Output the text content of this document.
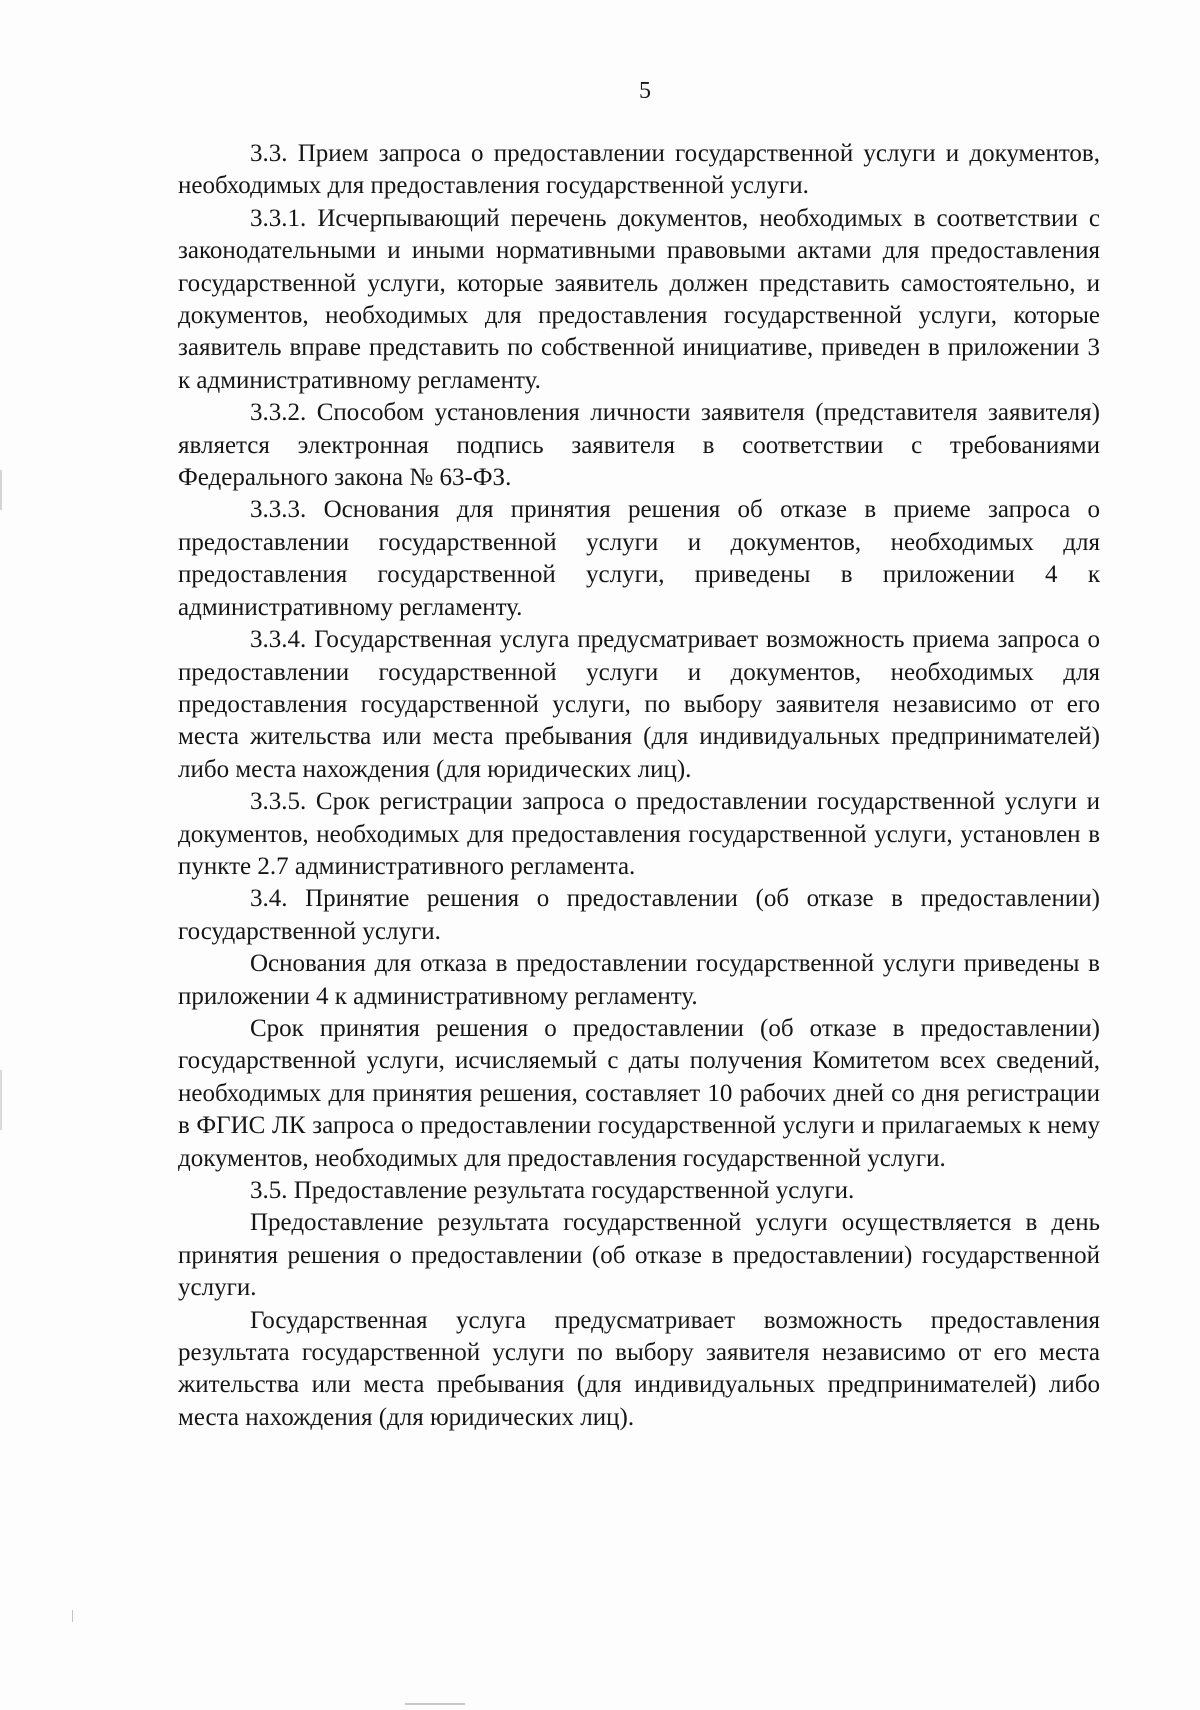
5

3.3. Прием запроса о предоставлении государственной услуги и документов, необходимых для предоставления государственной услуги.

3.3.1. Исчерпывающий перечень документов, необходимых в соответствии с законодательными и иными нормативными правовыми актами для предоставления государственной услуги, которые заявитель должен представить самостоятельно, и документов, необходимых для предоставления государственной услуги, которые заявитель вправе представить по собственной инициативе, приведен в приложении 3 к административному регламенту.

3.3.2. Способом установления личности заявителя (представителя заявителя) является электронная подпись заявителя в соответствии с требованиями Федерального закона № 63-ФЗ.

3.3.3. Основания для принятия решения об отказе в приеме запроса о предоставлении государственной услуги и документов, необходимых для предоставления государственной услуги, приведены в приложении 4 к административному регламенту.

3.3.4. Государственная услуга предусматривает возможность приема запроса о предоставлении государственной услуги и документов, необходимых для предоставления государственной услуги, по выбору заявителя независимо от его места жительства или места пребывания (для индивидуальных предпринимателей) либо места нахождения (для юридических лиц).

3.3.5. Срок регистрации запроса о предоставлении государственной услуги и документов, необходимых для предоставления государственной услуги, установлен в пункте 2.7 административного регламента.

3.4. Принятие решения о предоставлении (об отказе в предоставлении) государственной услуги.

Основания для отказа в предоставлении государственной услуги приведены в приложении 4 к административному регламенту.

Срок принятия решения о предоставлении (об отказе в предоставлении) государственной услуги, исчисляемый с даты получения Комитетом всех сведений, необходимых для принятия решения, составляет 10 рабочих дней со дня регистрации в ФГИС ЛК запроса о предоставлении государственной услуги и прилагаемых к нему документов, необходимых для предоставления государственной услуги.

3.5. Предоставление результата государственной услуги.

Предоставление результата государственной услуги осуществляется в день принятия решения о предоставлении (об отказе в предоставлении) государственной услуги.

Государственная услуга предусматривает возможность предоставления результата государственной услуги по выбору заявителя независимо от его места жительства или места пребывания (для индивидуальных предпринимателей) либо места нахождения (для юридических лиц).
